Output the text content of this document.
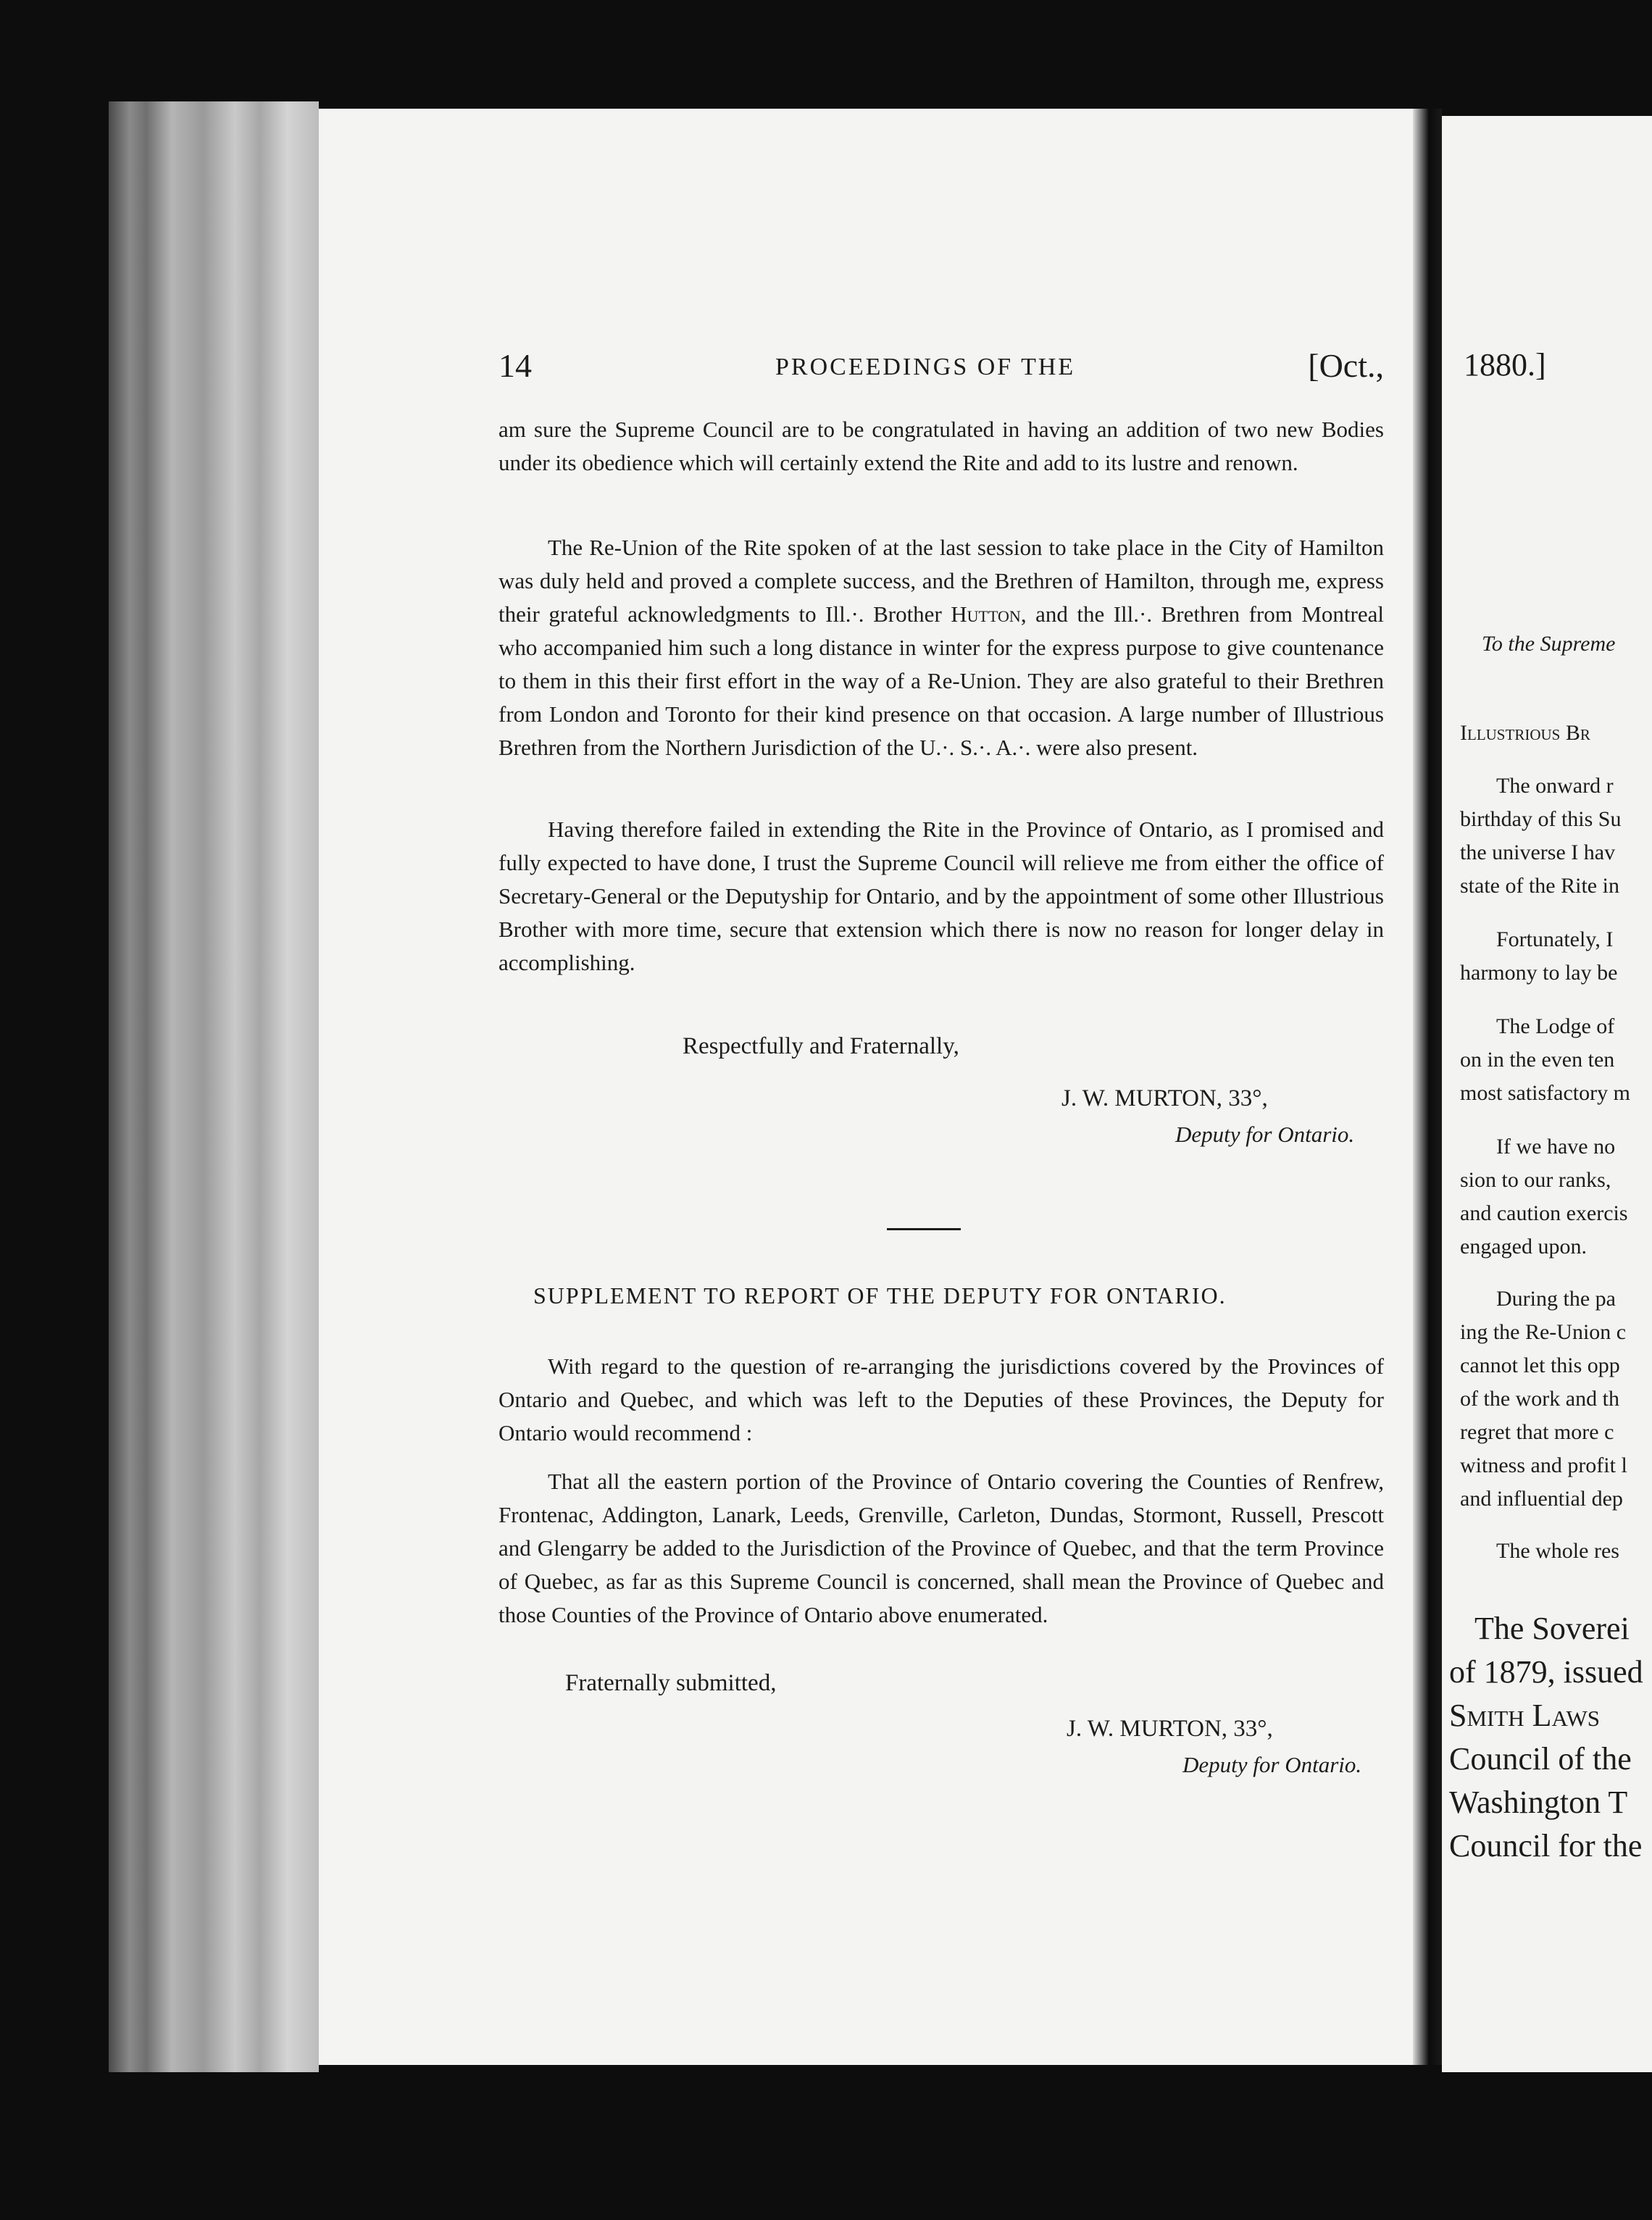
14	PROCEEDINGS OF THE	[Oct.,

am sure the Supreme Council are to be congratulated in having an addition of two new Bodies under its obedience which will certainly extend the Rite and add to its lustre and renown.

The Re-Union of the Rite spoken of at the last session to take place in the City of Hamilton was duly held and proved a complete success, and the Brethren of Hamilton, through me, express their grateful acknowledgments to Ill.·. Brother Hutton, and the Ill.·. Brethren from Montreal who accompanied him such a long distance in winter for the express purpose to give countenance to them in this their first effort in the way of a Re-Union. They are also grateful to their Brethren from London and Toronto for their kind presence on that occasion. A large number of Illustrious Brethren from the Northern Jurisdiction of the U.·. S.·. A.·. were also present.

Having therefore failed in extending the Rite in the Province of Ontario, as I promised and fully expected to have done, I trust the Supreme Council will relieve me from either the office of Secretary-General or the Deputyship for Ontario, and by the appointment of some other Illustrious Brother with more time, secure that extension which there is now no reason for longer delay in accomplishing.

Respectfully and Fraternally,
J. W. MURTON, 33°,
Deputy for Ontario.
SUPPLEMENT TO REPORT OF THE DEPUTY FOR ONTARIO.

With regard to the question of re-arranging the jurisdictions covered by the Provinces of Ontario and Quebec, and which was left to the Deputies of these Provinces, the Deputy for Ontario would recommend :

That all the eastern portion of the Province of Ontario covering the Counties of Renfrew, Frontenac, Addington, Lanark, Leeds, Grenville, Carleton, Dundas, Stormont, Russell, Prescott and Glengarry be added to the Jurisdiction of the Province of Quebec, and that the term Province of Quebec, as far as this Supreme Council is concerned, shall mean the Province of Quebec and those Counties of the Province of Ontario above enumerated.

Fraternally submitted,
J. W. MURTON, 33°,
Deputy for Ontario.
1880.]
To the Supreme
Illustrious Br
The onward r
birthday of this Su
the universe I hav
state of the Rite in
Fortunately, I
harmony to lay be
The Lodge of
on in the even ten
most satisfactory m
If we have no
sion to our ranks,
and caution exercis
engaged upon.
During the pa
ing the Re-Union c
cannot let this opp
of the work and th
regret that more c
witness and profit l
and influential dep
The whole res
The Soverei
of 1879, issued
Smith Laws
Council of the
Washington T
Council for the
